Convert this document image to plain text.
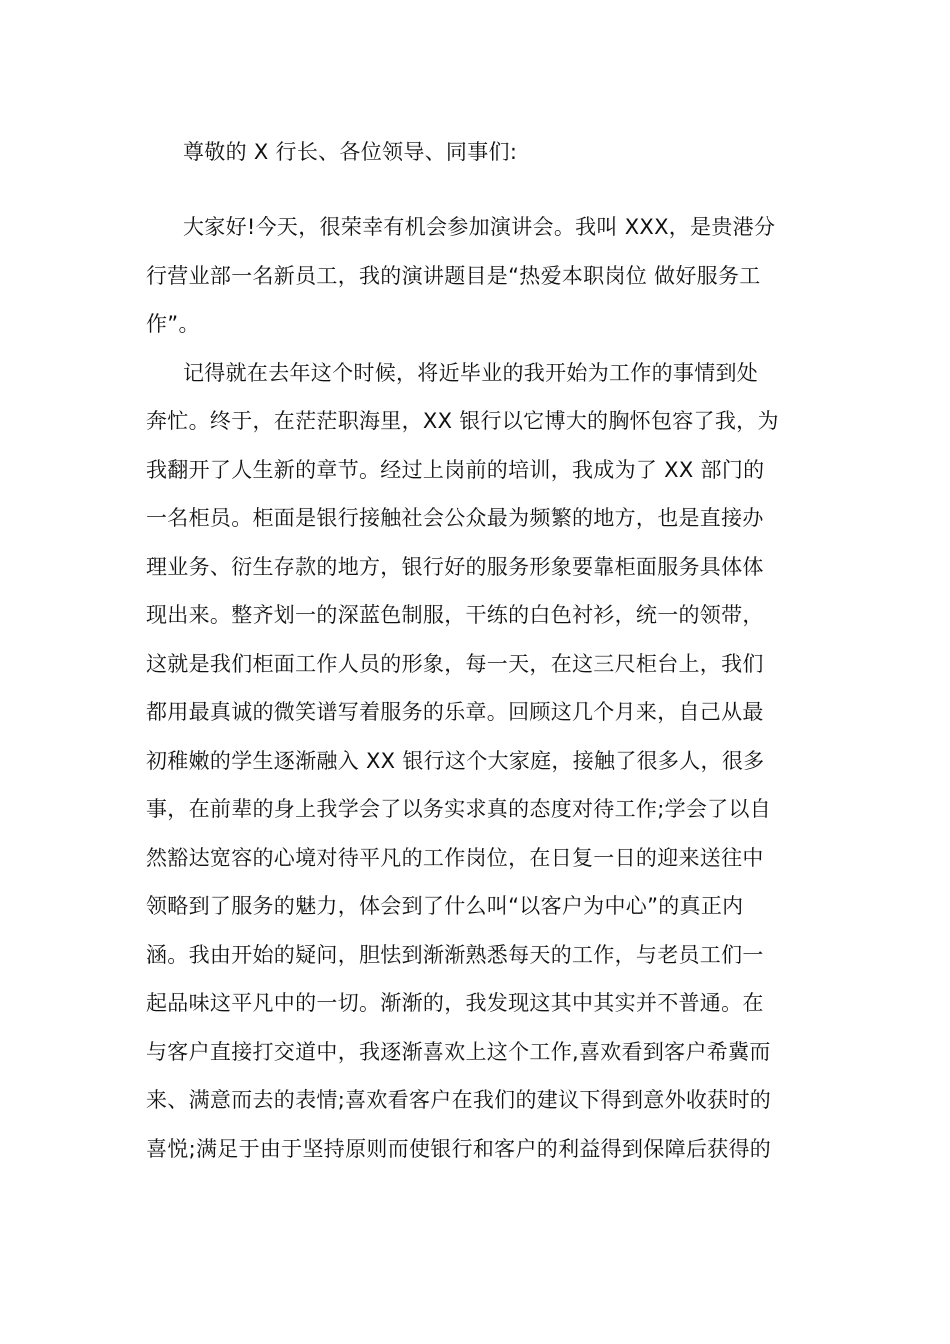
尊敬的 X 行长、各位领导、同事们:
大家好!今天，很荣幸有机会参加演讲会。我叫 XXX，是贵港分
行营业部一名新员工，我的演讲题目是“热爱本职岗位 做好服务工
作”。
记得就在去年这个时候，将近毕业的我开始为工作的事情到处
奔忙。终于，在茫茫职海里，XX 银行以它博大的胸怀包容了我，为
我翻开了人生新的章节。经过上岗前的培训，我成为了 XX 部门的
一名柜员。柜面是银行接触社会公众最为频繁的地方，也是直接办
理业务、衍生存款的地方，银行好的服务形象要靠柜面服务具体体
现出来。整齐划一的深蓝色制服，干练的白色衬衫，统一的领带，
这就是我们柜面工作人员的形象，每一天，在这三尺柜台上，我们
都用最真诚的微笑谱写着服务的乐章。回顾这几个月来，自己从最
初稚嫩的学生逐渐融入 XX 银行这个大家庭，接触了很多人，很多
事，在前辈的身上我学会了以务实求真的态度对待工作;学会了以自
然豁达宽容的心境对待平凡的工作岗位，在日复一日的迎来送往中
领略到了服务的魅力，体会到了什么叫“以客户为中心”的真正内
涵。我由开始的疑问，胆怯到渐渐熟悉每天的工作，与老员工们一
起品味这平凡中的一切。渐渐的，我发现这其中其实并不普通。在
与客户直接打交道中，我逐渐喜欢上这个工作,喜欢看到客户希冀而
来、满意而去的表情;喜欢看客户在我们的建议下得到意外收获时的
喜悦;满足于由于坚持原则而使银行和客户的利益得到保障后获得的
